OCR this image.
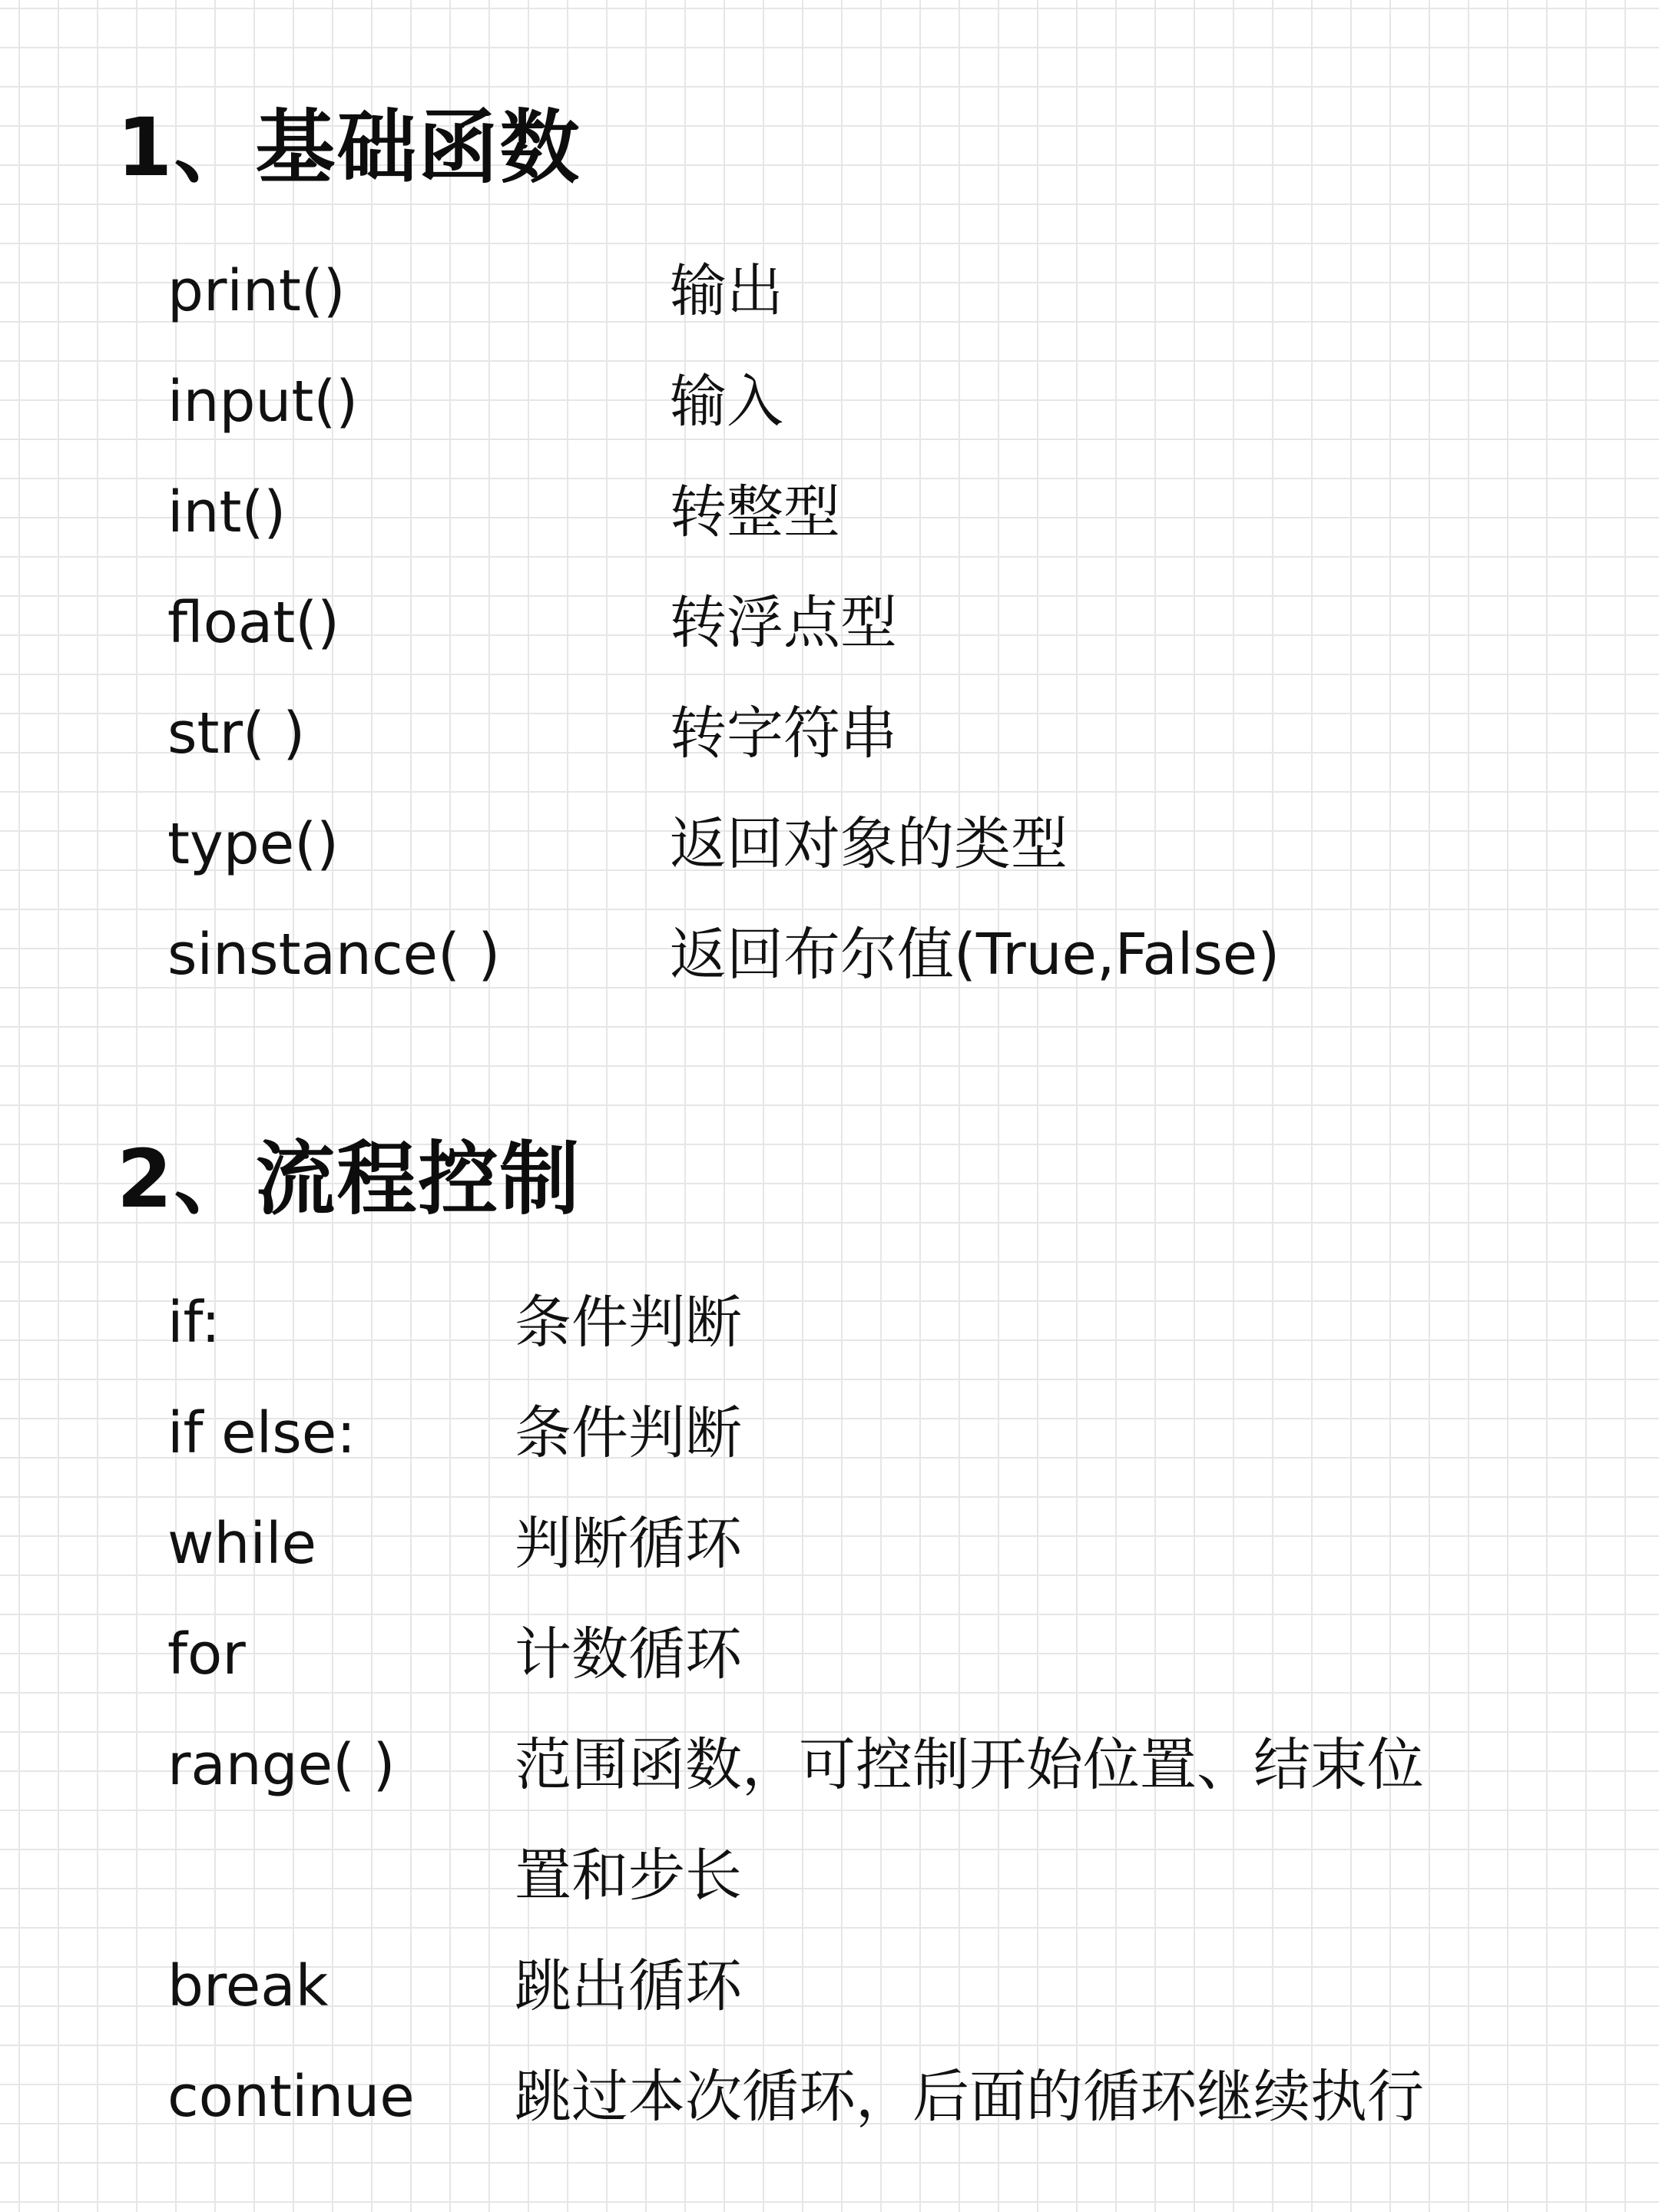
1、基础函数
print()	输出
input()	输入
int()	转整型
float()	转浮点型
str( )	转字符串
type()	返回对象的类型
sinstance( )	返回布尔值(True,False)
2、流程控制
if:	条件判断
if else:	条件判断
while	判断循环
for	计数循环
range( ) 范围函数，可控制开始位置、结束位
置和步长
break	跳出循环
continue 跳过本次循环，后面的循环继续执行
